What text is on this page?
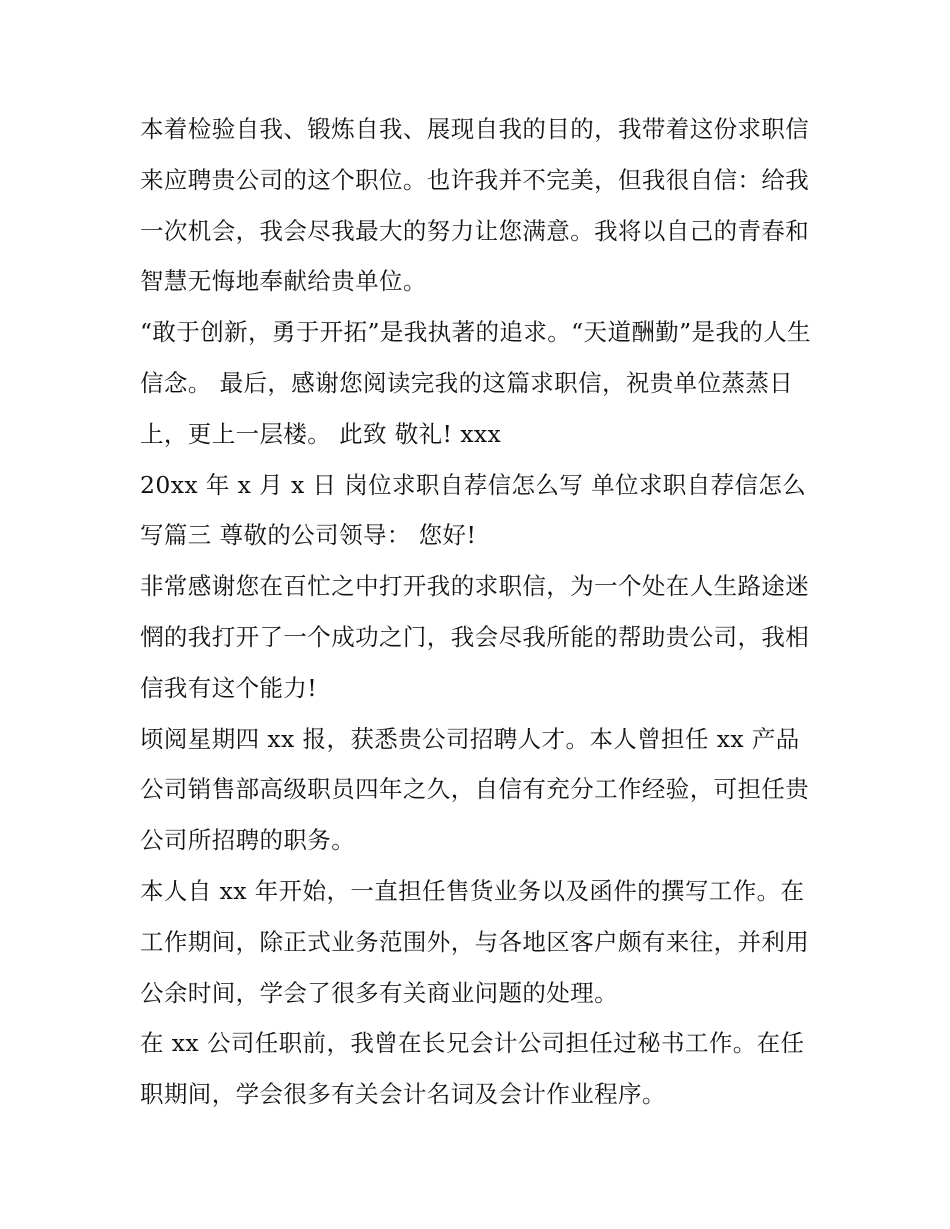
本着检验自我、锻炼自我、展现自我的目的，我带着这份求职信来应聘贵公司的这个职位。也许我并不完美，但我很自信：给我一次机会，我会尽我最大的努力让您满意。我将以自己的青春和智慧无悔地奉献给贵单位。

“敢于创新，勇于开拓”是我执著的追求。“天道酬勤”是我的人生信念。 最后，感谢您阅读完我的这篇求职信，祝贵单位蒸蒸日上，更上一层楼。 此致 敬礼! xxx

20xx 年 x 月 x 日 岗位求职自荐信怎么写 单位求职自荐信怎么写篇三 尊敬的公司领导： 您好!

非常感谢您在百忙之中打开我的求职信，为一个处在人生路途迷惘的我打开了一个成功之门，我会尽我所能的帮助贵公司，我相信我有这个能力!

顷阅星期四 xx 报，获悉贵公司招聘人才。本人曾担任 xx 产品公司销售部高级职员四年之久，自信有充分工作经验，可担任贵公司所招聘的职务。

本人自 xx 年开始，一直担任售货业务以及函件的撰写工作。在工作期间，除正式业务范围外，与各地区客户颇有来往，并利用公余时间，学会了很多有关商业问题的处理。

在 xx 公司任职前，我曾在长兄会计公司担任过秘书工作。在任职期间，学会很多有关会计名词及会计作业程序。
